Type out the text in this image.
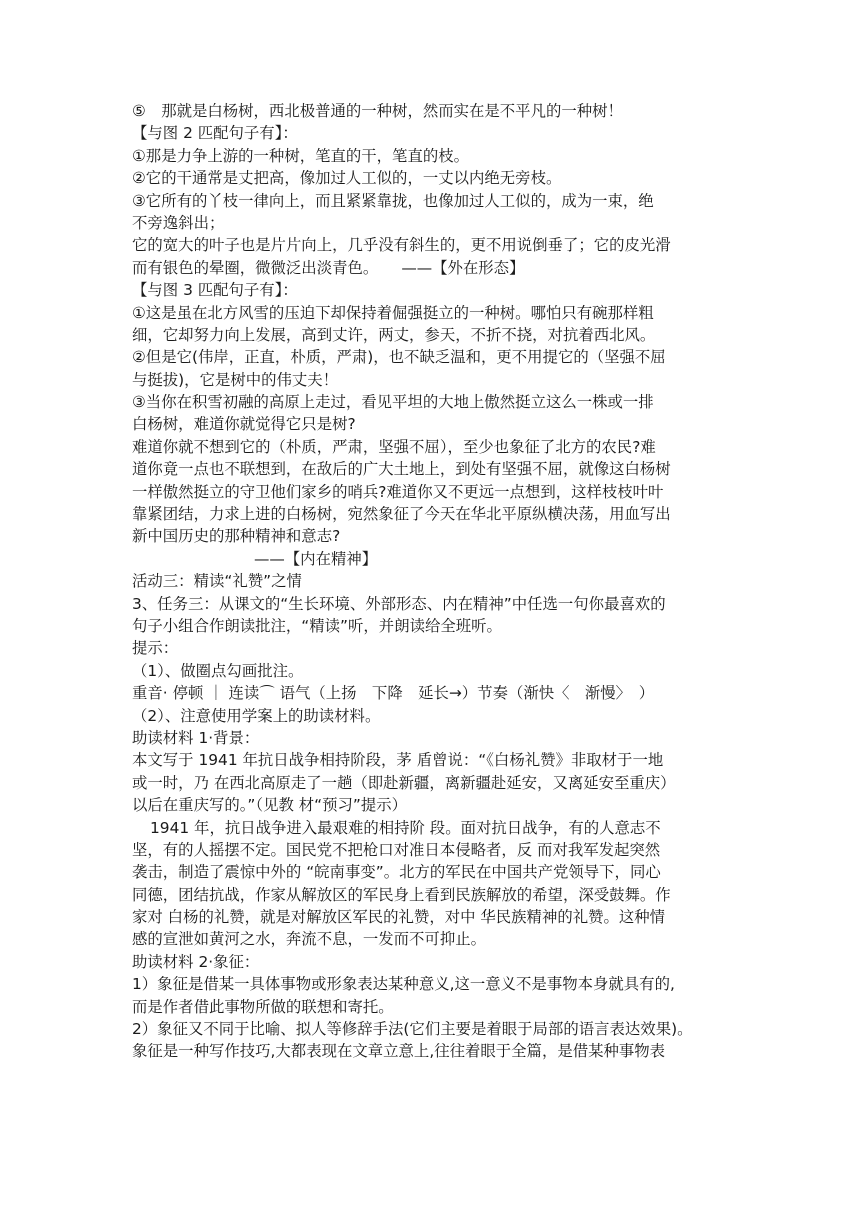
⑤　那就是白杨树，西北极普通的一种树，然而实在是不平凡的一种树！
【与图 2 匹配句子有】：
①那是力争上游的一种树，笔直的干，笔直的枝。
②它的干通常是丈把高，像加过人工似的，一丈以内绝无旁枝。
③它所有的丫枝一律向上，而且紧紧靠拢，也像加过人工似的，成为一束，绝
不旁逸斜出；
它的宽大的叶子也是片片向上，几乎没有斜生的，更不用说倒垂了；它的皮光滑
而有银色的晕圈，微微泛出淡青色。　　——【外在形态】
【与图 3 匹配句子有】：
①这是虽在北方风雪的压迫下却保持着倔强挺立的一种树。哪怕只有碗那样粗
细，它却努力向上发展，高到丈许，两丈，参天，不折不挠，对抗着西北风。
②但是它(伟岸，正直，朴质，严肃)，也不缺乏温和，更不用提它的（坚强不屈
与挺拔)，它是树中的伟丈夫！
③当你在积雪初融的高原上走过，看见平坦的大地上傲然挺立这么一株或一排
白杨树，难道你就觉得它只是树?
难道你就不想到它的（朴质，严肃，坚强不屈），至少也象征了北方的农民?难
道你竟一点也不联想到，在敌后的广大土地上，到处有坚强不屈，就像这白杨树
一样傲然挺立的守卫他们家乡的哨兵?难道你又不更远一点想到，这样枝枝叶叶
靠紧团结，力求上进的白杨树，宛然象征了今天在华北平原纵横决荡，用血写出
新中国历史的那种精神和意志?
——【内在精神】
活动三：精读“礼赞”之情
3、任务三：从课文的“生长环境、外部形态、内在精神”中任选一句你最喜欢的
句子小组合作朗读批注，“精读”听，并朗读给全班听。
提示：
（1）、做圈点勾画批注。
重音· 停顿 ｜ 连读⌒ 语气（上扬　下降　延长→）节奏（渐快〈　渐慢〉　）
（2）、注意使用学案上的助读材料。
助读材料 1·背景：
本文写于 1941 年抗日战争相持阶段，茅 盾曾说：“《白杨礼赞》非取材于一地
或一时，乃 在西北高原走了一趟（即赴新疆，离新疆赴延安，又离延安至重庆）
以后在重庆写的。”（见教 材“预习”提示）
1941 年，抗日战争进入最艰难的相持阶 段。面对抗日战争，有的人意志不
坚，有的人摇摆不定。国民党不把枪口对准日本侵略者，反 而对我军发起突然
袭击，制造了震惊中外的 “皖南事变”。北方的军民在中国共产党领导下，同心
同德，团结抗战，作家从解放区的军民身上看到民族解放的希望，深受鼓舞。作
家对 白杨的礼赞，就是对解放区军民的礼赞，对中 华民族精神的礼赞。这种情
感的宣泄如黄河之水，奔流不息，一发而不可抑止。
助读材料 2·象征：
1）象征是借某一具体事物或形象表达某种意义,这一意义不是事物本身就具有的,
而是作者借此事物所做的联想和寄托。
2）象征又不同于比喻、拟人等修辞手法(它们主要是着眼于局部的语言表达效果)。
象征是一种写作技巧,大都表现在文章立意上,往往着眼于全篇，是借某种事物表
